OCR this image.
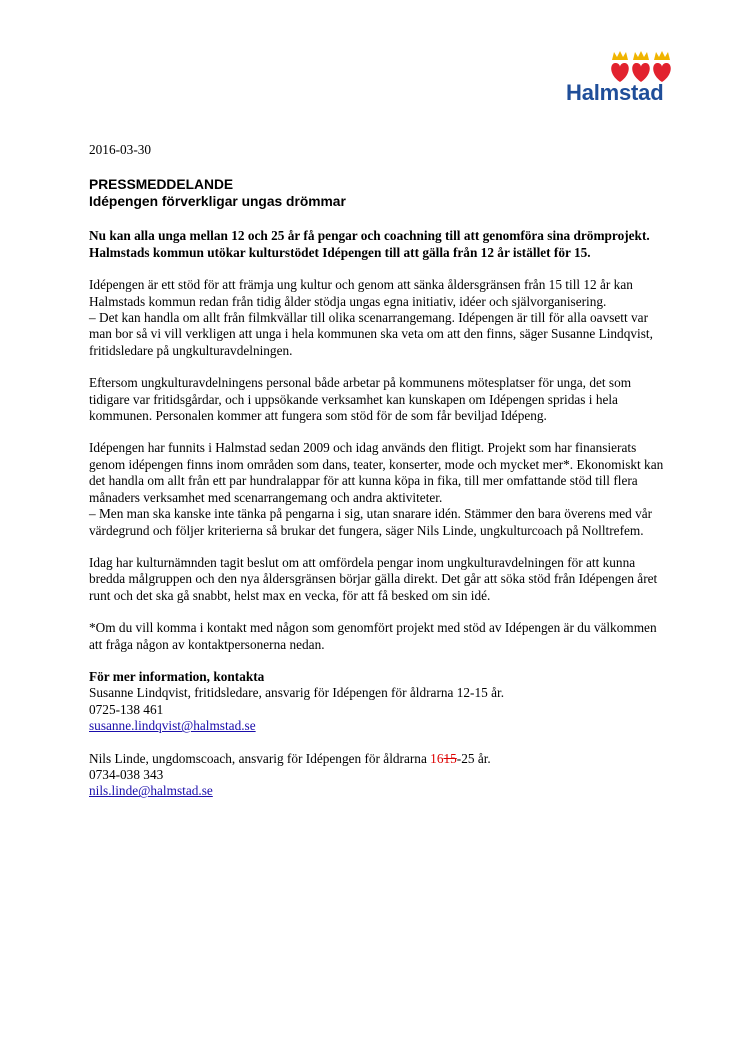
Halmstad
2016-03-30
PRESSMEDDELANDE
Idépengen förverkligar ungas drömmar

Nu kan alla unga mellan 12 och 25 år få pengar och coachning till att genomföra sina drömprojekt. Halmstads kommun utökar kulturstödet Idépengen till att gälla från 12 år istället för 15.

Idépengen är ett stöd för att främja ung kultur och genom att sänka åldersgränsen från 15 till 12 år kan Halmstads kommun redan från tidig ålder stödja ungas egna initiativ, idéer och självorganisering.
– Det kan handla om allt från filmkvällar till olika scenarrangemang. Idépengen är till för alla oavsett var man bor så vi vill verkligen att unga i hela kommunen ska veta om att den finns, säger Susanne Lindqvist, fritidsledare på ungkulturavdelningen.

Eftersom ungkulturavdelningens personal både arbetar på kommunens mötesplatser för unga, det som tidigare var fritidsgårdar, och i uppsökande verksamhet kan kunskapen om Idépengen spridas i hela kommunen. Personalen kommer att fungera som stöd för de som får beviljad Idépeng.

Idépengen har funnits i Halmstad sedan 2009 och idag används den flitigt. Projekt som har finansierats genom idépengen finns inom områden som dans, teater, konserter, mode och mycket mer*. Ekonomiskt kan det handla om allt från ett par hundralappar för att kunna köpa in fika, till mer omfattande stöd till flera månaders verksamhet med scenarrangemang och andra aktiviteter.
– Men man ska kanske inte tänka på pengarna i sig, utan snarare idén. Stämmer den bara överens med vår värdegrund och följer kriterierna så brukar det fungera, säger Nils Linde, ungkulturcoach på Nolltrefem.

Idag har kulturnämnden tagit beslut om att omfördela pengar inom ungkulturavdelningen för att kunna bredda målgruppen och den nya åldersgränsen börjar gälla direkt. Det går att söka stöd från Idépengen året runt och det ska gå snabbt, helst max en vecka, för att få besked om sin idé.

*Om du vill komma i kontakt med någon som genomfört projekt med stöd av Idépengen är du välkommen att fråga någon av kontaktpersonerna nedan.

För mer information, kontakta
Susanne Lindqvist, fritidsledare, ansvarig för Idépengen för åldrarna 12-15 år.
0725-138 461
susanne.lindqvist@halmstad.se
Nils Linde, ungdomscoach, ansvarig för Idépengen för åldrarna 1615-25 år.
0734-038 343
nils.linde@halmstad.se
